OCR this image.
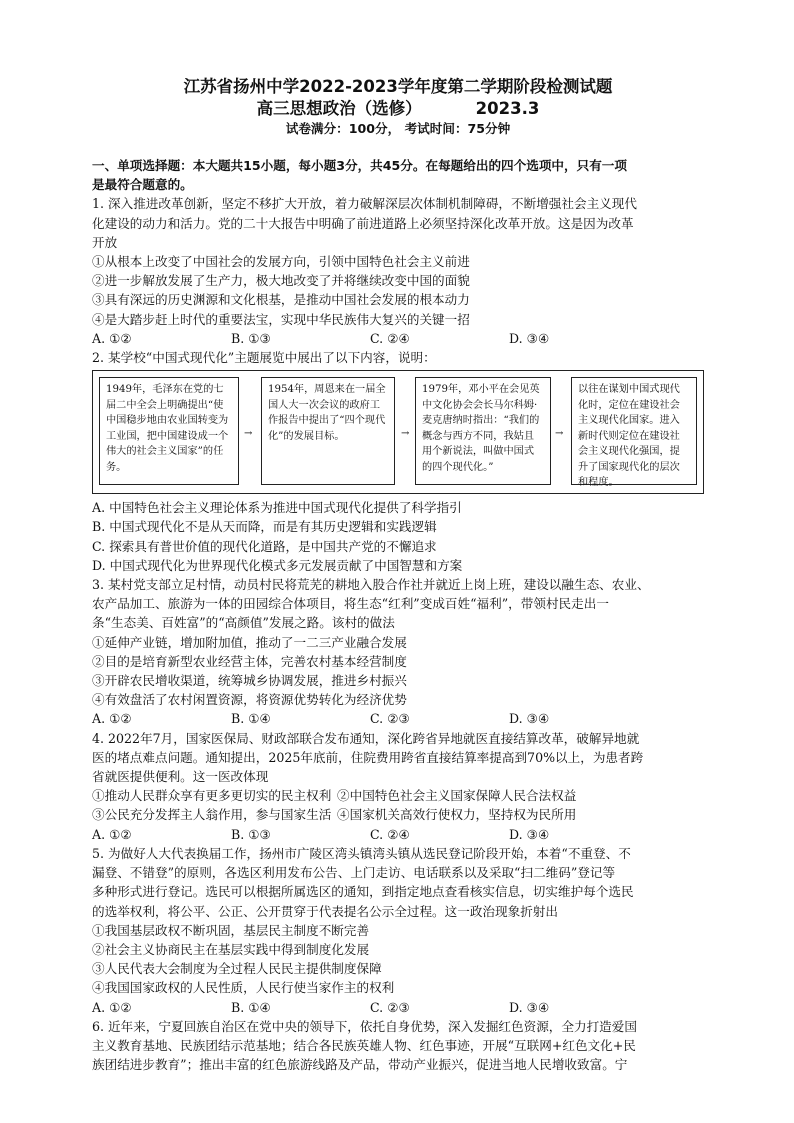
江苏省扬州中学2022-2023学年度第二学期阶段检测试题
高三思想政治（选修）	2023.3
试卷满分：100分， 考试时间：75分钟
一、单项选择题：本大题共15小题，每小题3分，共45分。在每题给出的四个选项中，只有一项
是最符合题意的。
1. 深入推进改革创新，坚定不移扩大开放，着力破解深层次体制机制障碍，不断增强社会主义现代
化建设的动力和活力。党的二十大报告中明确了前进道路上必须坚持深化改革开放。这是因为改革
开放
①从根本上改变了中国社会的发展方向，引领中国特色社会主义前进
②进一步解放发展了生产力，极大地改变了并将继续改变中国的面貌
③具有深远的历史渊源和文化根基，是推动中国社会发展的根本动力
④是大踏步赶上时代的重要法宝，实现中华民族伟大复兴的关键一招
A. ①②	B. ①③	C. ②④	D. ③④
2. 某学校“中国式现代化”主题展览中展出了以下内容，说明：
1949年，毛泽东在党的七届二中全会上明确提出“使中国稳步地由农业国转变为工业国，把中国建设成一个伟大的社会主义国家”的任务。
→
1954年，周恩来在一届全国人大一次会议的政府工作报告中提出了“四个现代化”的发展目标。	→
1979年，邓小平在会见英中文化协会会长马尔科姆·麦克唐纳时指出：“我们的概念与西方不同，我姑且用个新说法，叫做中国式的四个现代化。”
→
以往在谋划中国式现代化时，定位在建设社会主义现代化国家。进入新时代则定位在建设社会主义现代化强国，提升了国家现代化的层次和程度。
A. 中国特色社会主义理论体系为推进中国式现代化提供了科学指引
B. 中国式现代化不是从天而降，而是有其历史逻辑和实践逻辑
C. 探索具有普世价值的现代化道路，是中国共产党的不懈追求
D. 中国式现代化为世界现代化模式多元发展贡献了中国智慧和方案
3. 某村党支部立足村情，动员村民将荒芜的耕地入股合作社并就近上岗上班，建设以融生态、农业、
农产品加工、旅游为一体的田园综合体项目，将生态“红利”变成百姓“福利”，带领村民走出一
条“生态美、百姓富”的“高颜值”发展之路。该村的做法
①延伸产业链，增加附加值，推动了一二三产业融合发展
②目的是培育新型农业经营主体，完善农村基本经营制度
③开辟农民增收渠道，统筹城乡协调发展，推进乡村振兴
④有效盘活了农村闲置资源，将资源优势转化为经济优势
A. ①②	B. ①④	C. ②③	D. ③④
4. 2022年7月，国家医保局、财政部联合发布通知，深化跨省异地就医直接结算改革，破解异地就
医的堵点难点问题。通知提出，2025年底前，住院费用跨省直接结算率提高到70%以上，为患者跨
省就医提供便利。这一医改体现
①推动人民群众享有更多更切实的民主权利 ②中国特色社会主义国家保障人民合法权益
③公民充分发挥主人翁作用，参与国家生活 ④国家机关高效行使权力，坚持权为民所用
A. ①②	B. ①③	C. ②④	D. ③④
5. 为做好人大代表换届工作，扬州市广陵区湾头镇湾头镇从选民登记阶段开始，本着“不重登、不
漏登、不错登”的原则，各选区利用发布公告、上门走访、电话联系以及采取“扫二维码”登记等
多种形式进行登记。选民可以根据所属选区的通知，到指定地点查看核实信息，切实维护每个选民
的选举权利，将公平、公正、公开贯穿于代表提名公示全过程。这一政治现象折射出
①我国基层政权不断巩固，基层民主制度不断完善
②社会主义协商民主在基层实践中得到制度化发展
③人民代表大会制度为全过程人民民主提供制度保障
④我国国家政权的人民性质，人民行使当家作主的权利
A. ①②	B. ①④	C. ②③	D. ③④
6. 近年来，宁夏回族自治区在党中央的领导下，依托自身优势，深入发掘红色资源，全力打造爱国
主义教育基地、民族团结示范基地；结合各民族英雄人物、红色事迹，开展“互联网+红色文化+民
族团结进步教育”；推出丰富的红色旅游线路及产品，带动产业振兴，促进当地人民增收致富。宁
